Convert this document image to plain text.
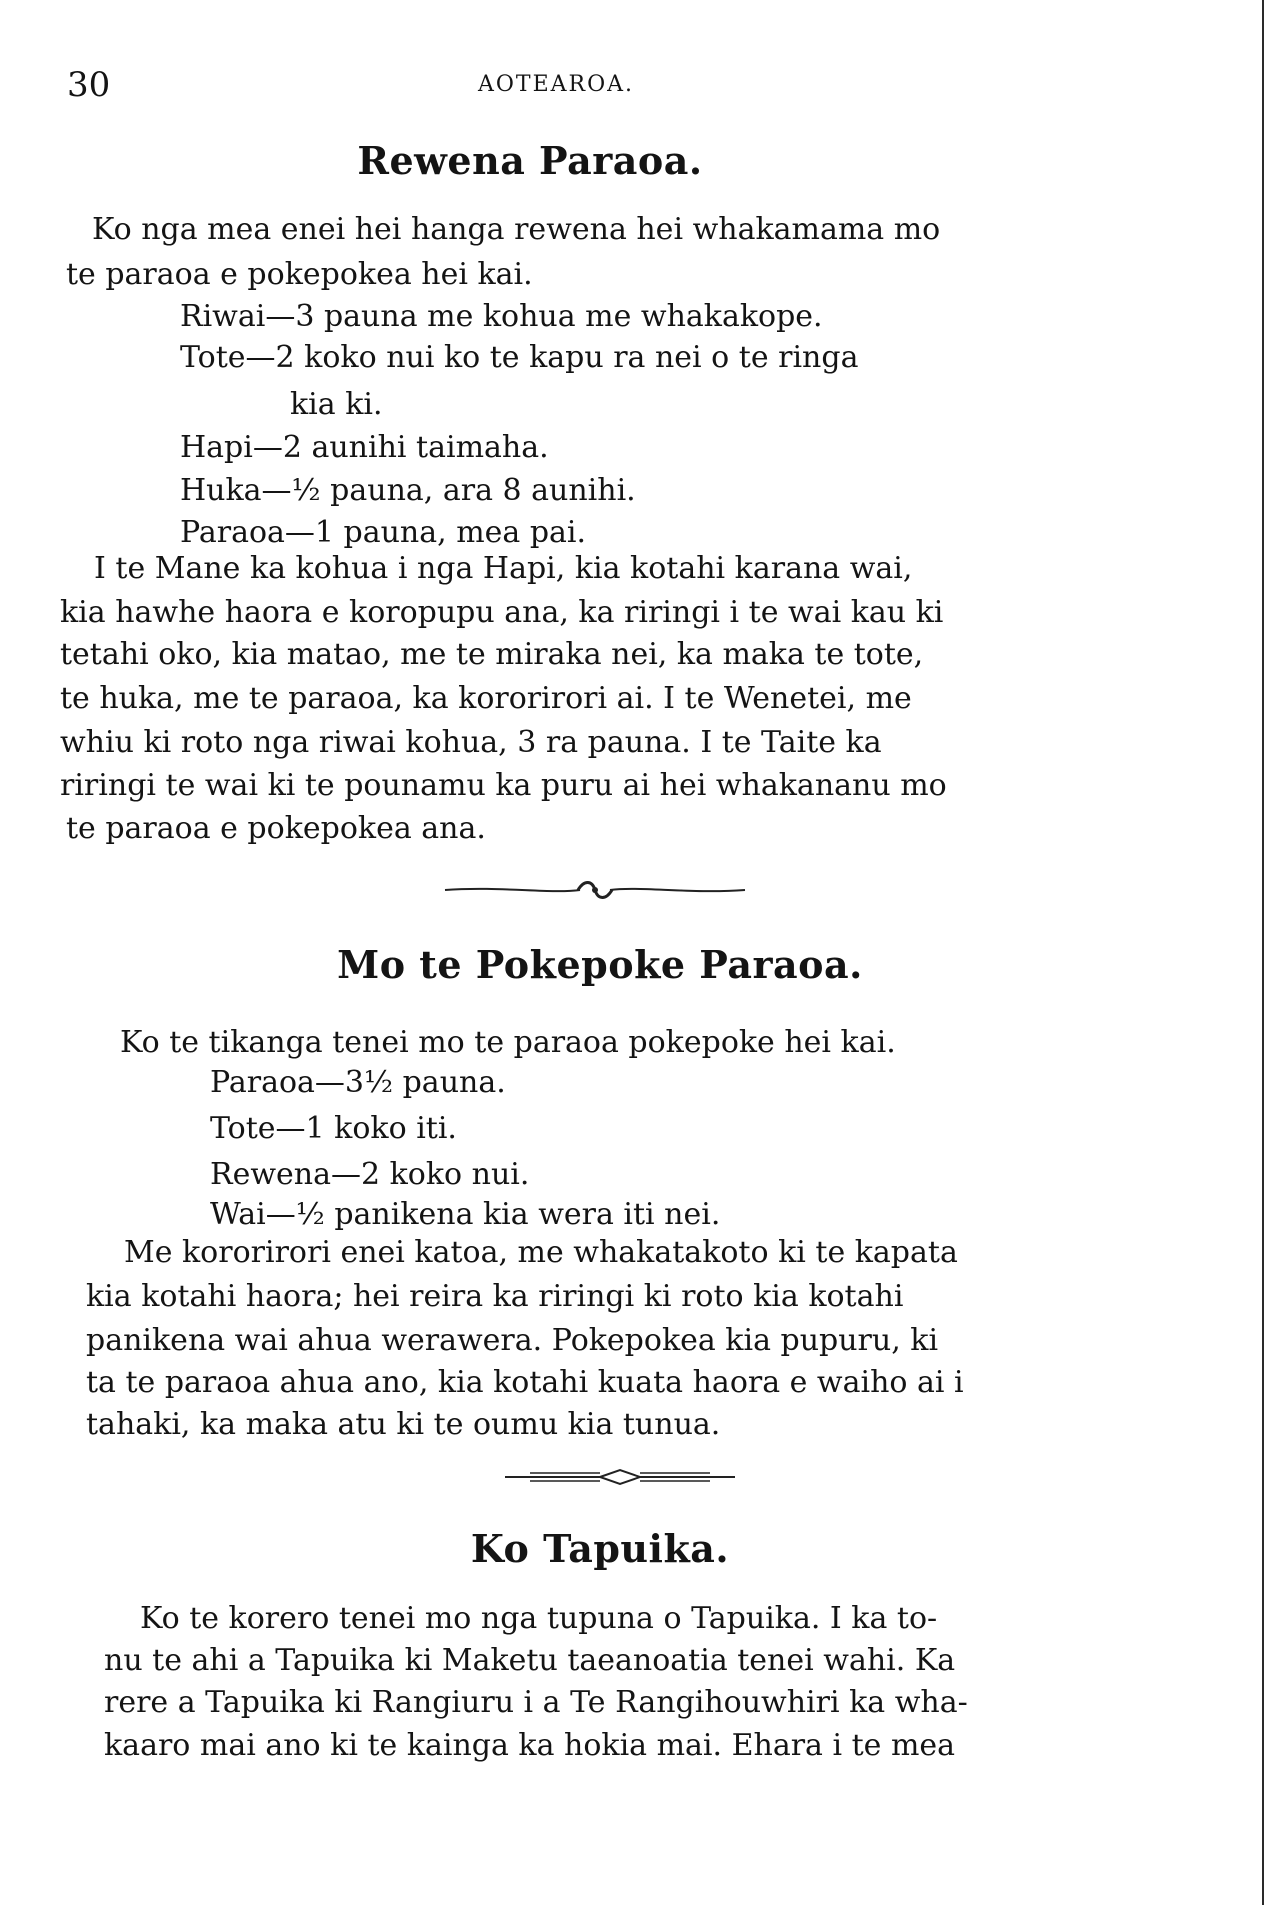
30	AOTEAROA.
Rewena Paraoa.
Ko nga mea enei hei hanga rewena hei whakamama mo
te paraoa e pokepokea hei kai.
Riwai—3 pauna me kohua me whakakope.
Tote—2 koko nui ko te kapu ra nei o te ringa
kia ki.
Hapi—2 aunihi taimaha.
Huka—½ pauna, ara 8 aunihi.
Paraoa—1 pauna, mea pai.
I te Mane ka kohua i nga Hapi, kia kotahi karana wai,
kia hawhe haora e koropupu ana, ka riringi i te wai kau ki
tetahi oko, kia matao, me te miraka nei, ka maka te tote,
te huka, me te paraoa, ka kororirori ai. I te Wenetei, me
whiu ki roto nga riwai kohua, 3 ra pauna. I te Taite ka
riringi te wai ki te pounamu ka puru ai hei whakananu mo
te paraoa e pokepokea ana.
Mo te Pokepoke Paraoa.
Ko te tikanga tenei mo te paraoa pokepoke hei kai.
Paraoa—3½ pauna.
Tote—1 koko iti.
Rewena—2 koko nui.
Wai—½ panikena kia wera iti nei.
Me kororirori enei katoa, me whakatakoto ki te kapata
kia kotahi haora; hei reira ka riringi ki roto kia kotahi
panikena wai ahua werawera. Pokepokea kia pupuru, ki
ta te paraoa ahua ano, kia kotahi kuata haora e waiho ai i
tahaki, ka maka atu ki te oumu kia tunua.
Ko Tapuika.
Ko te korero tenei mo nga tupuna o Tapuika. I ka to-
nu te ahi a Tapuika ki Maketu taeanoatia tenei wahi. Ka
rere a Tapuika ki Rangiuru i a Te Rangihouwhiri ka wha-
kaaro mai ano ki te kainga ka hokia mai. Ehara i te mea
